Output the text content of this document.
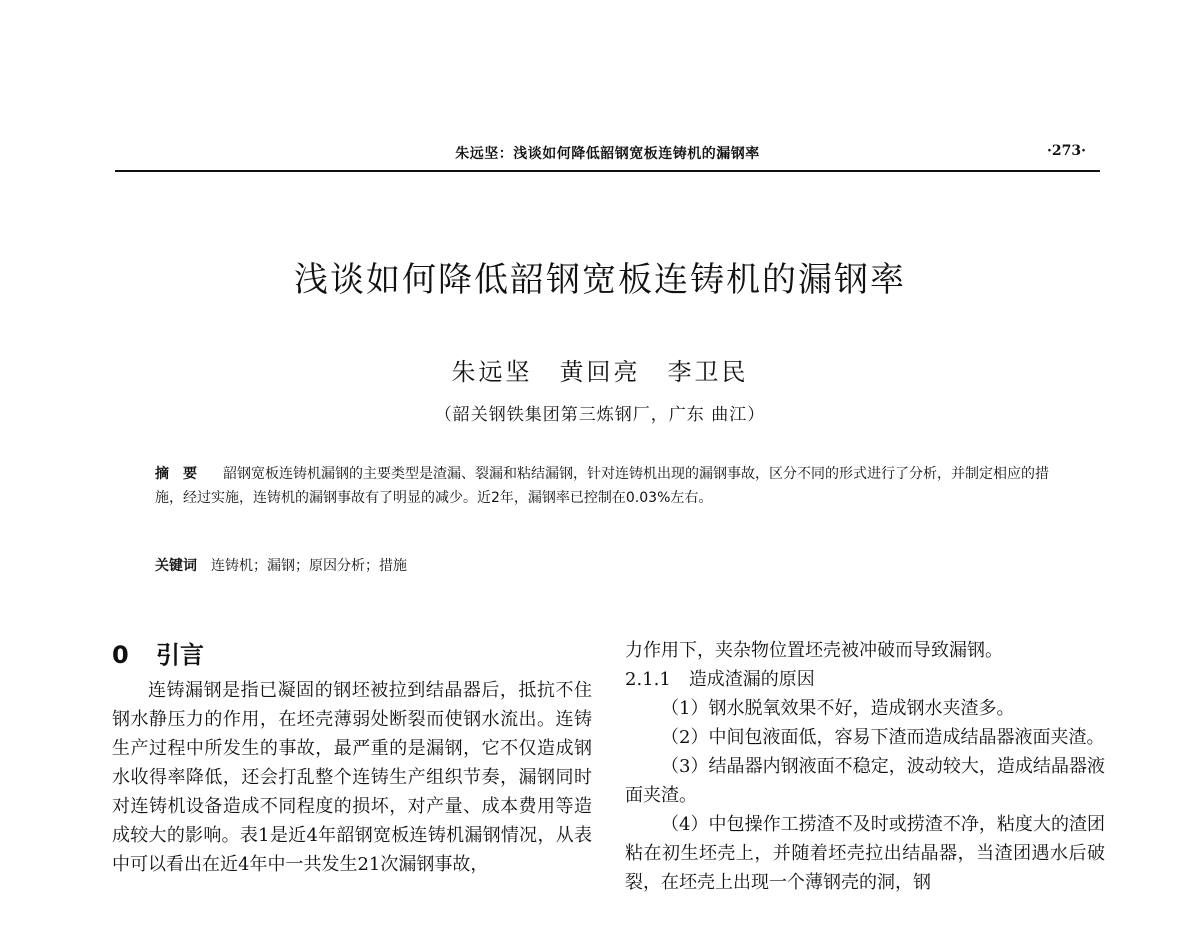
朱远坚：浅谈如何降低韶钢宽板连铸机的漏钢率	·273·
浅谈如何降低韶钢宽板连铸机的漏钢率
朱远坚　黄回亮　李卫民
（韶关钢铁集团第三炼钢厂，广东 曲江）
摘要 韶钢宽板连铸机漏钢的主要类型是渣漏、裂漏和粘结漏钢，针对连铸机出现的漏钢事故，区分不同的形式进行了分析，并制定相应的措施，经过实施，连铸机的漏钢事故有了明显的减少。近2年，漏钢率已控制在0.03%左右。
关键词 连铸机；漏钢；原因分析；措施
0 引言

连铸漏钢是指已凝固的钢坯被拉到结晶器后，抵抗不住钢水静压力的作用，在坯壳薄弱处断裂而使钢水流出。连铸生产过程中所发生的事故，最严重的是漏钢，它不仅造成钢水收得率降低，还会打乱整个连铸生产组织节奏，漏钢同时对连铸机设备造成不同程度的损坏，对产量、成本费用等造成较大的影响。表1是近4年韶钢宽板连铸机漏钢情况，从表中可以看出在近4年中一共发生21次漏钢事故，

力作用下，夹杂物位置坯壳被冲破而导致漏钢。

2.1.1 造成渣漏的原因

（1）钢水脱氧效果不好，造成钢水夹渣多。

（2）中间包液面低，容易下渣而造成结晶器液面夹渣。

（3）结晶器内钢液面不稳定，波动较大，造成结晶器液面夹渣。

（4）中包操作工捞渣不及时或捞渣不净，粘度大的渣团粘在初生坯壳上，并随着坯壳拉出结晶器，当渣团遇水后破裂，在坯壳上出现一个薄钢壳的洞，钢
